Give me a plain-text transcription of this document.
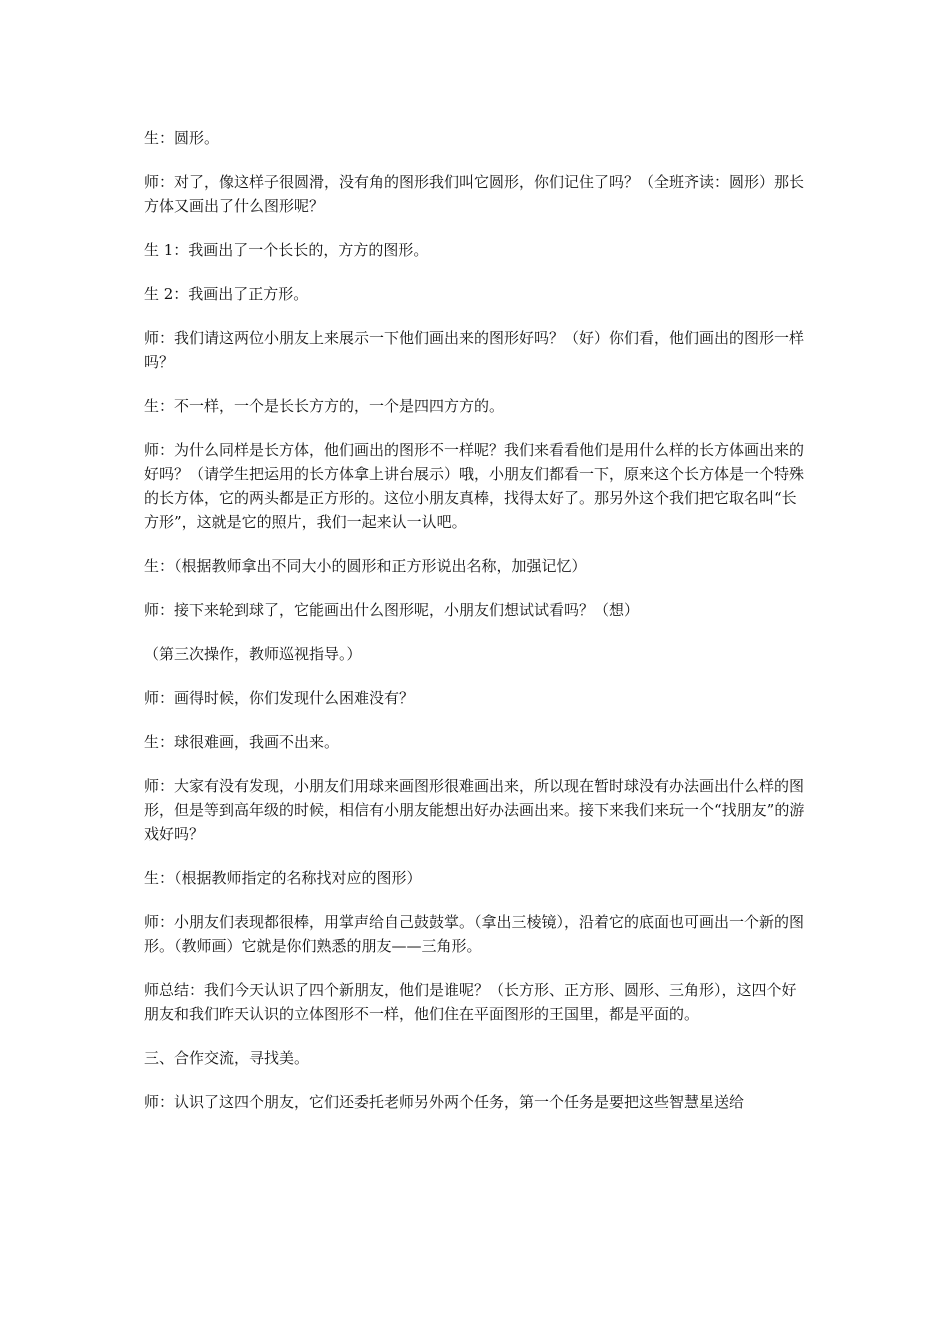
生：圆形。

师：对了，像这样子很圆滑，没有角的图形我们叫它圆形，你们记住了吗？（全班齐读：圆形）那长方体又画出了什么图形呢？

生 1：我画出了一个长长的，方方的图形。

生 2：我画出了正方形。

师：我们请这两位小朋友上来展示一下他们画出来的图形好吗？（好）你们看，他们画出的图形一样吗？

生：不一样，一个是长长方方的，一个是四四方方的。

师：为什么同样是长方体，他们画出的图形不一样呢？我们来看看他们是用什么样的长方体画出来的好吗？（请学生把运用的长方体拿上讲台展示）哦，小朋友们都看一下，原来这个长方体是一个特殊的长方体，它的两头都是正方形的。这位小朋友真棒，找得太好了。那另外这个我们把它取名叫“长方形”，这就是它的照片，我们一起来认一认吧。

生：（根据教师拿出不同大小的圆形和正方形说出名称，加强记忆）

师：接下来轮到球了，它能画出什么图形呢，小朋友们想试试看吗？（想）

（第三次操作，教师巡视指导。）

师：画得时候，你们发现什么困难没有？

生：球很难画，我画不出来。

师：大家有没有发现，小朋友们用球来画图形很难画出来，所以现在暂时球没有办法画出什么样的图形，但是等到高年级的时候，相信有小朋友能想出好办法画出来。接下来我们来玩一个“找朋友”的游戏好吗？

生：（根据教师指定的名称找对应的图形）

师：小朋友们表现都很棒，用掌声给自己鼓鼓掌。（拿出三棱镜），沿着它的底面也可画出一个新的图形。（教师画）它就是你们熟悉的朋友——三角形。

师总结：我们今天认识了四个新朋友，他们是谁呢？（长方形、正方形、圆形、三角形），这四个好朋友和我们昨天认识的立体图形不一样，他们住在平面图形的王国里，都是平面的。

三、合作交流，寻找美。

师：认识了这四个朋友，它们还委托老师另外两个任务，第一个任务是要把这些智慧星送给
